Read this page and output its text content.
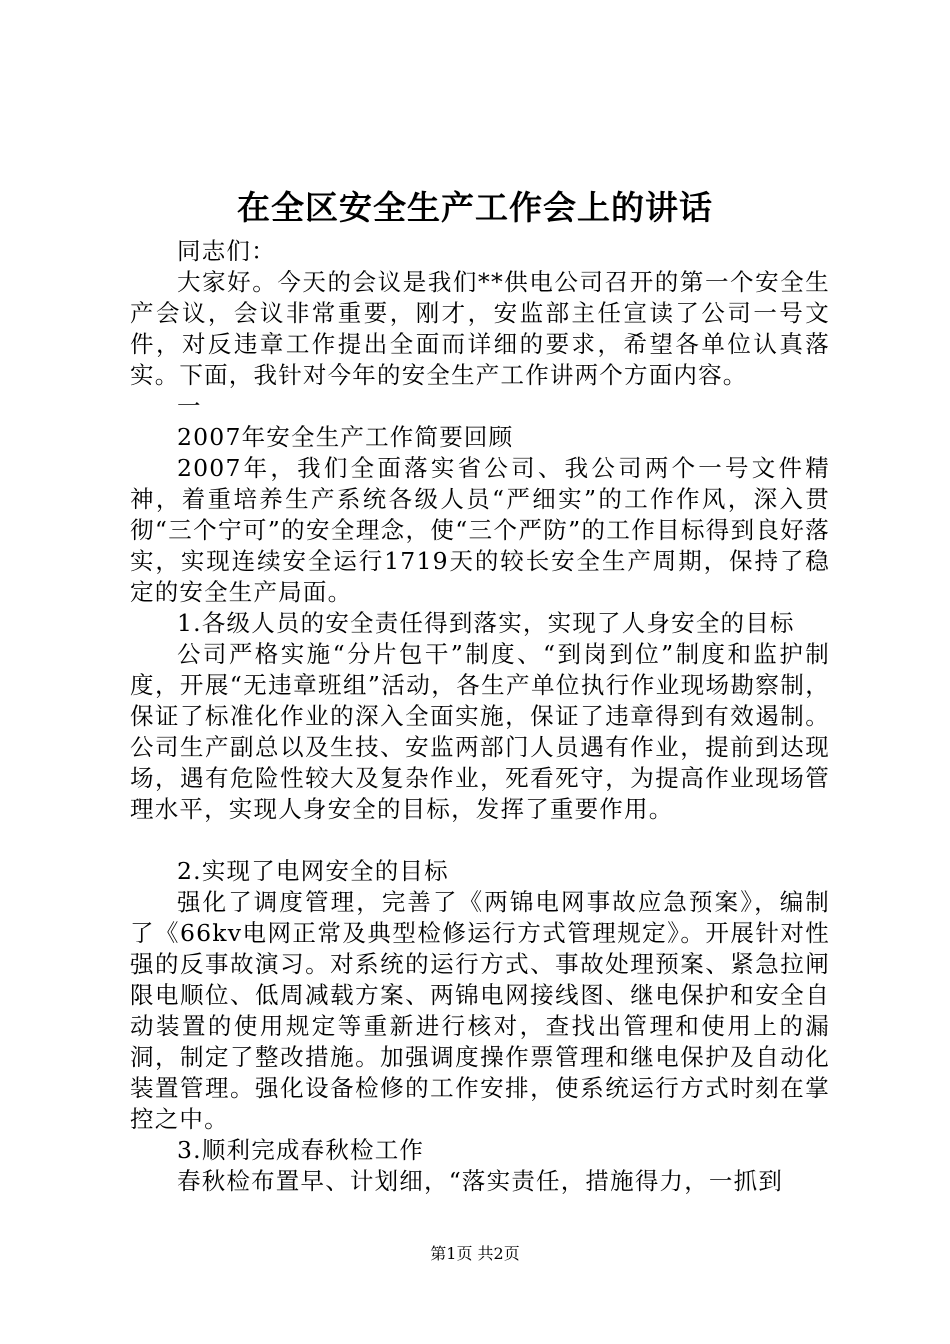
在全区安全生产工作会上的讲话

同志们：

大家好。今天的会议是我们**供电公司召开的第一个安全生产会议，会议非常重要，刚才，安监部主任宣读了公司一号文件，对反违章工作提出全面而详细的要求，希望各单位认真落实。下面，我针对今年的安全生产工作讲两个方面内容。

一

2007年安全生产工作简要回顾

2007年，我们全面落实省公司、我公司两个一号文件精神，着重培养生产系统各级人员“严细实”的工作作风，深入贯彻“三个宁可”的安全理念，使“三个严防”的工作目标得到良好落实，实现连续安全运行1719天的较长安全生产周期，保持了稳定的安全生产局面。

1.各级人员的安全责任得到落实，实现了人身安全的目标

公司严格实施“分片包干”制度、“到岗到位”制度和监护制度，开展“无违章班组”活动，各生产单位执行作业现场勘察制，保证了标准化作业的深入全面实施，保证了违章得到有效遏制。公司生产副总以及生技、安监两部门人员遇有作业，提前到达现场，遇有危险性较大及复杂作业，死看死守，为提高作业现场管理水平，实现人身安全的目标，发挥了重要作用。

2.实现了电网安全的目标

强化了调度管理，完善了《两锦电网事故应急预案》，编制了《66kv电网正常及典型检修运行方式管理规定》。开展针对性强的反事故演习。对系统的运行方式、事故处理预案、紧急拉闸限电顺位、低周减载方案、两锦电网接线图、继电保护和安全自动装置的使用规定等重新进行核对，查找出管理和使用上的漏洞，制定了整改措施。加强调度操作票管理和继电保护及自动化装置管理。强化设备检修的工作安排，使系统运行方式时刻在掌控之中。

3.顺利完成春秋检工作

春秋检布置早、计划细，“落实责任，措施得力，一抓到

第1页 共2页
